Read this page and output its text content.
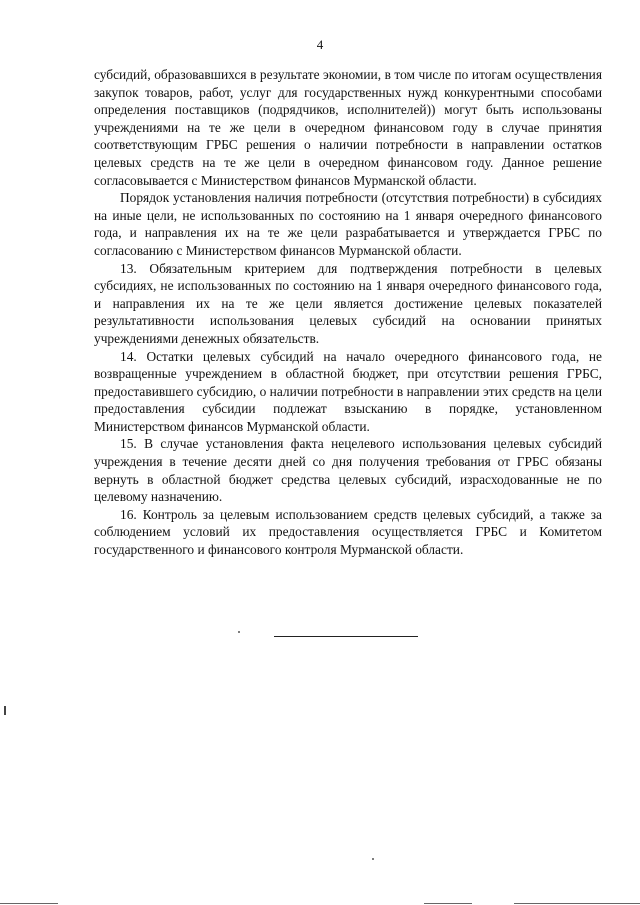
4

субсидий, образовавшихся в результате экономии, в том числе по итогам осуществления закупок товаров, работ, услуг для государственных нужд конкурентными способами определения поставщиков (подрядчиков, исполнителей)) могут быть использованы учреждениями на те же цели в очередном финансовом году в случае принятия соответствующим ГРБС решения о наличии потребности в направлении остатков целевых средств на те же цели в очередном финансовом году. Данное решение согласовывается с Министерством финансов Мурманской области.

Порядок установления наличия потребности (отсутствия потребности) в субсидиях на иные цели, не использованных по состоянию на 1 января очередного финансового года, и направления их на те же цели разрабатывается и утверждается ГРБС по согласованию с Министерством финансов Мурманской области.

13. Обязательным критерием для подтверждения потребности в целевых субсидиях, не использованных по состоянию на 1 января очередного финансового года, и направления их на те же цели является достижение целевых показателей результативности использования целевых субсидий на основании принятых учреждениями денежных обязательств.

14. Остатки целевых субсидий на начало очередного финансового года, не возвращенные учреждением в областной бюджет, при отсутствии решения ГРБС, предоставившего субсидию, о наличии потребности в направлении этих средств на цели предоставления субсидии подлежат взысканию в порядке, установленном Министерством финансов Мурманской области.

15. В случае установления факта нецелевого использования целевых субсидий учреждения в течение десяти дней со дня получения требования от ГРБС обязаны вернуть в областной бюджет средства целевых субсидий, израсходованные не по целевому назначению.

16. Контроль за целевым использованием средств целевых субсидий, а также за соблюдением условий их предоставления осуществляется ГРБС и Комитетом государственного и финансового контроля Мурманской области.
